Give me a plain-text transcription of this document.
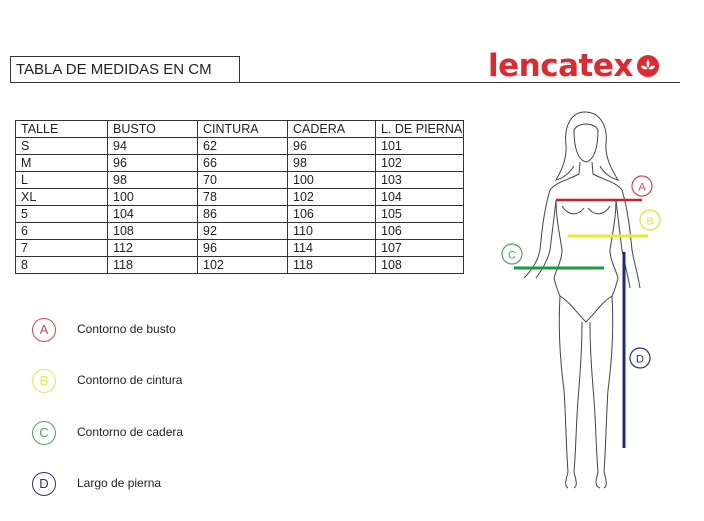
TABLA DE MEDIDAS EN CM	lencatex
TALLE	BUSTO	CINTURA	CADERA	L. DE PIERNA
S	94	62	96	101
M	96	66	98	102
L	98	70	100	103
XL	100	78	102	104
5	104	86	106	105
6	108	92	110	106
7	112	96	114	107
8	118	102	118	108
A	Contorno de busto
B	Contorno de cintura
C	Contorno de cadera
D	Largo de pierna
A
B
C
D
